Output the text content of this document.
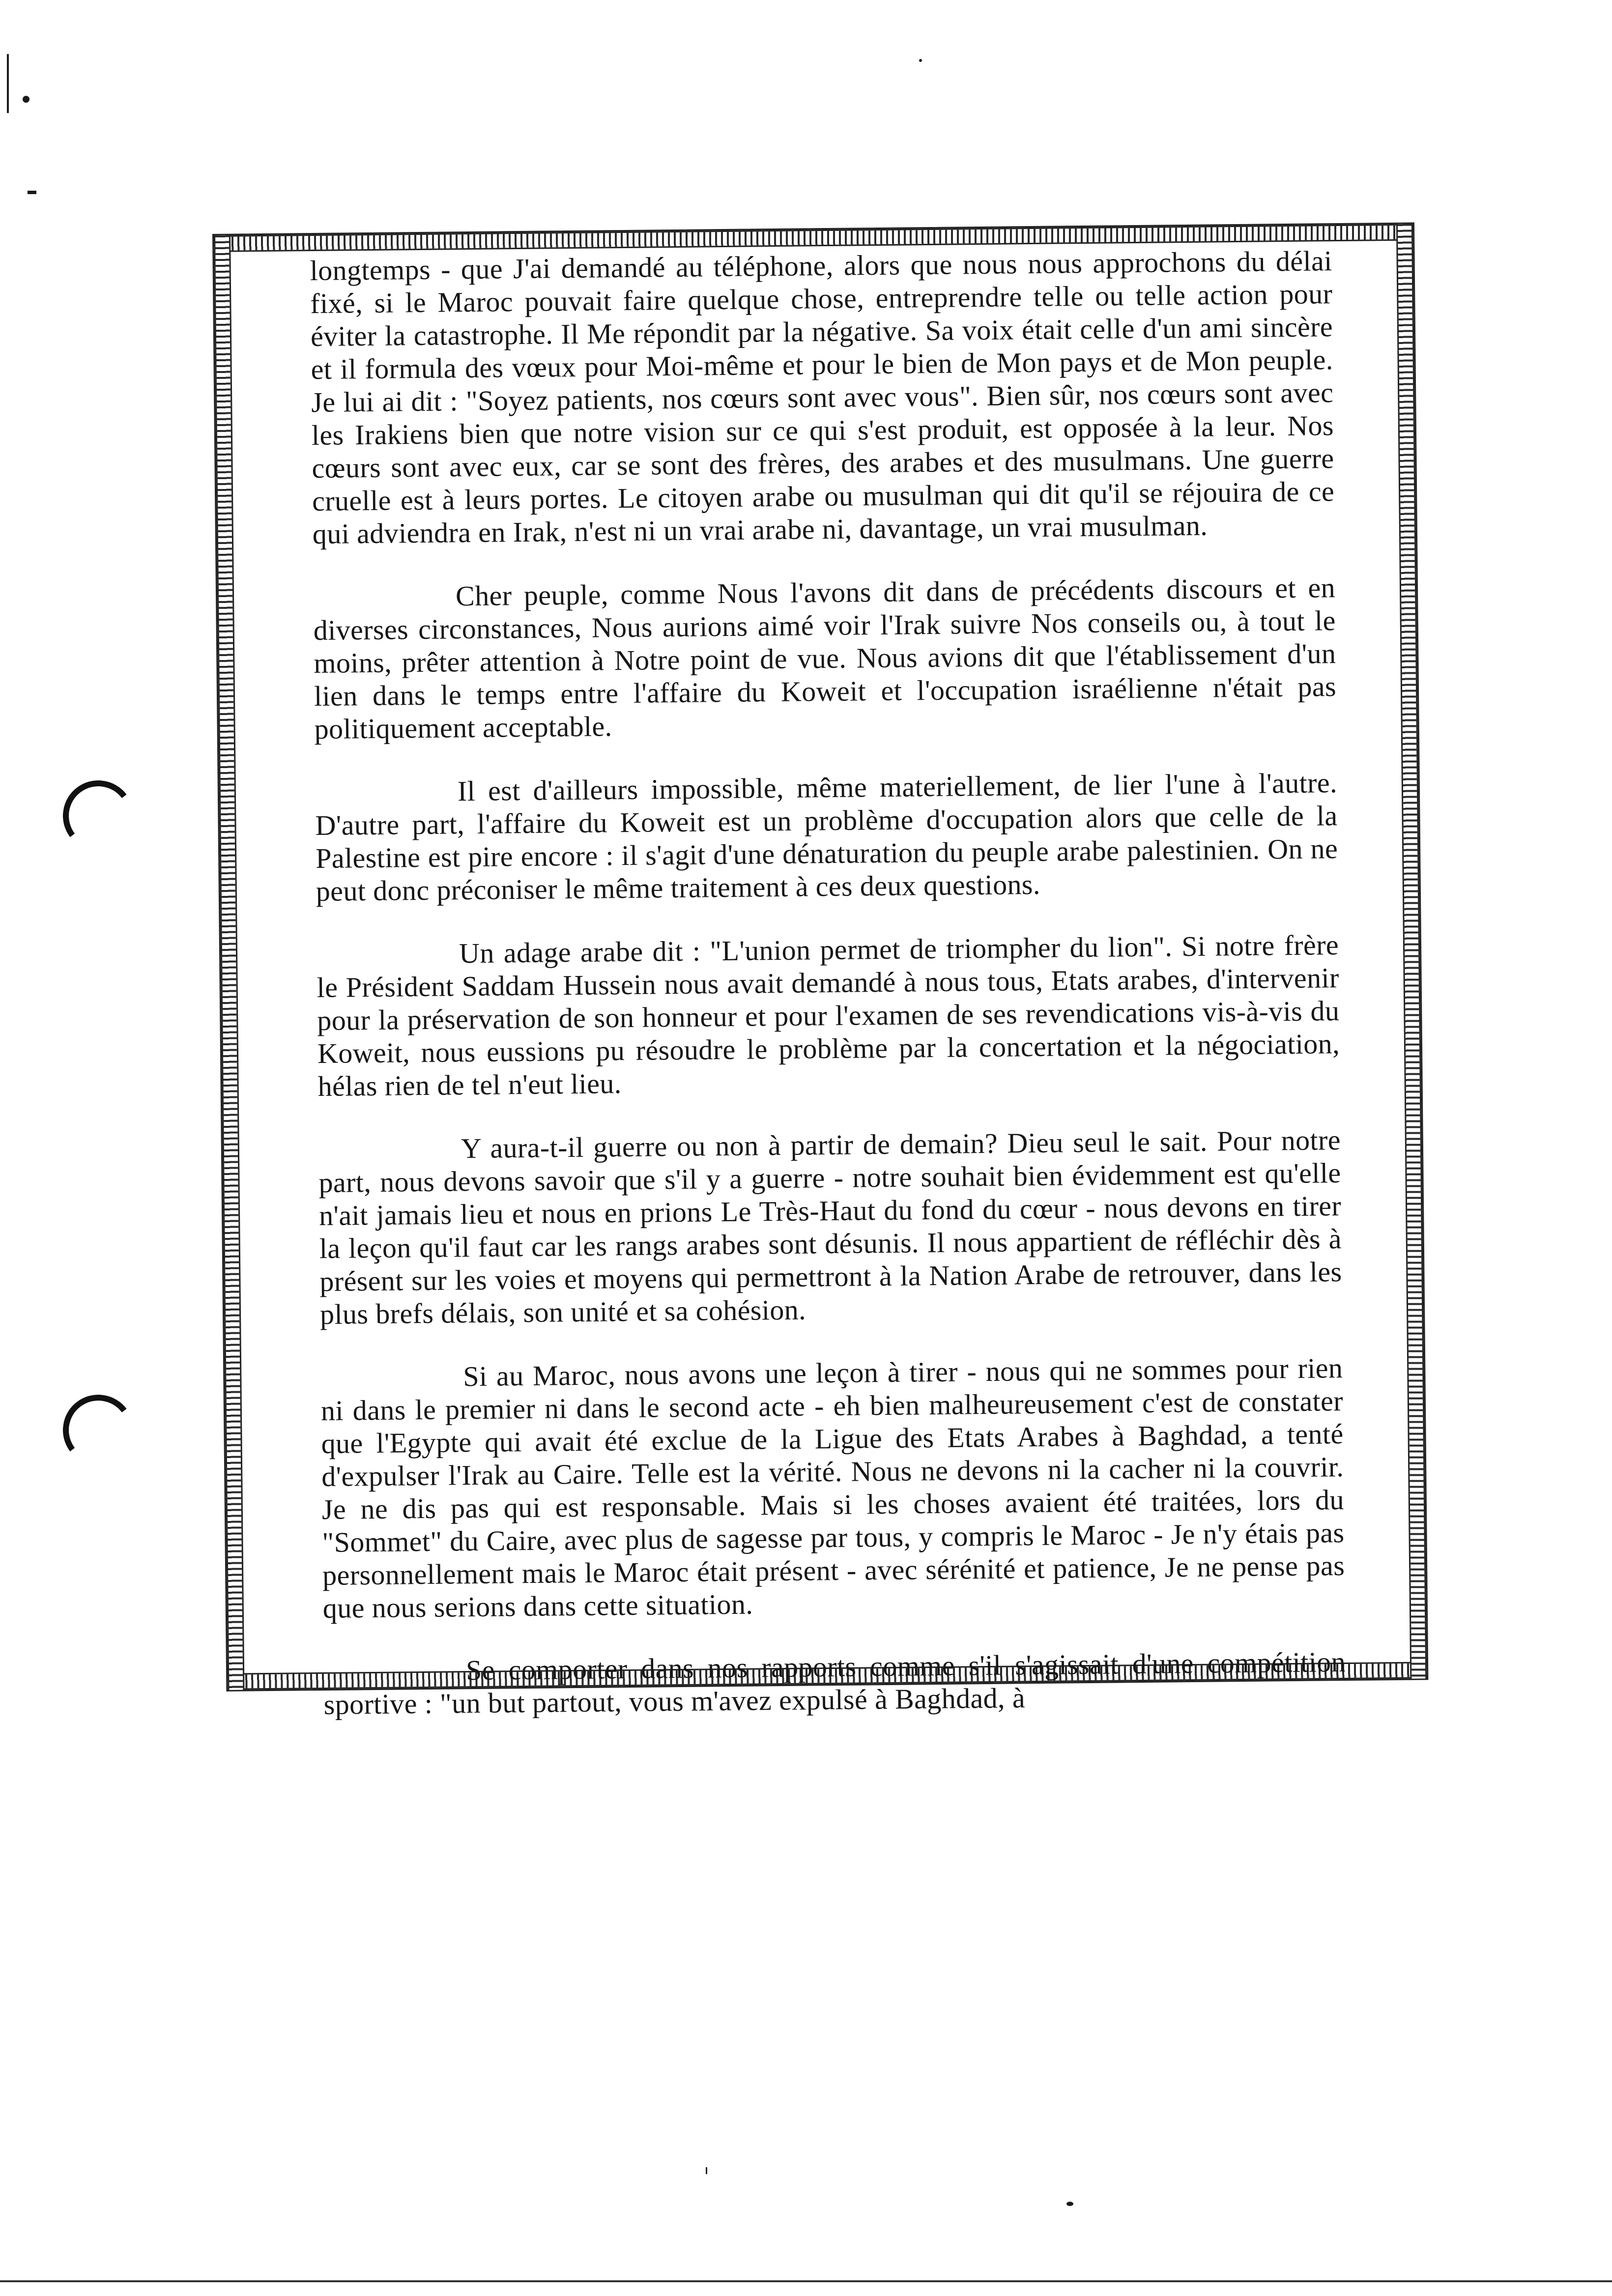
longtemps - que J'ai demandé au téléphone, alors que nous nous approchons du délai fixé, si le Maroc pouvait faire quelque chose, entreprendre telle ou telle action pour éviter la catastrophe. Il Me répondit par la négative. Sa voix était celle d'un ami sincère et il formula des vœux pour Moi-même et pour le bien de Mon pays et de Mon peuple. Je lui ai dit : "Soyez patients, nos cœurs sont avec vous". Bien sûr, nos cœurs sont avec les Irakiens bien que notre vision sur ce qui s'est produit, est opposée à la leur. Nos cœurs sont avec eux, car se sont des frères, des arabes et des musulmans. Une guerre cruelle est à leurs portes. Le citoyen arabe ou musulman qui dit qu'il se réjouira de ce qui adviendra en Irak, n'est ni un vrai arabe ni, davantage, un vrai musulman.

Cher peuple, comme Nous l'avons dit dans de précédents discours et en diverses circonstances, Nous aurions aimé voir l'Irak suivre Nos conseils ou, à tout le moins, prêter attention à Notre point de vue. Nous avions dit que l'établissement d'un lien dans le temps entre l'affaire du Koweit et l'occupation israélienne n'était pas politiquement acceptable.

Il est d'ailleurs impossible, même materiellement, de lier l'une à l'autre. D'autre part, l'affaire du Koweit est un problème d'occupation alors que celle de la Palestine est pire encore : il s'agit d'une dénaturation du peuple arabe palestinien. On ne peut donc préconiser le même traitement à ces deux questions.

Un adage arabe dit : "L'union permet de triompher du lion". Si notre frère le Président Saddam Hussein nous avait demandé à nous tous, Etats arabes, d'intervenir pour la préservation de son honneur et pour l'examen de ses revendications vis-à-vis du Koweit, nous eussions pu résoudre le problème par la concertation et la négociation, hélas rien de tel n'eut lieu.

Y aura-t-il guerre ou non à partir de demain? Dieu seul le sait. Pour notre part, nous devons savoir que s'il y a guerre - notre souhait bien évidemment est qu'elle n'ait jamais lieu et nous en prions Le Très-Haut du fond du cœur - nous devons en tirer la leçon qu'il faut car les rangs arabes sont désunis. Il nous appartient de réfléchir dès à présent sur les voies et moyens qui permettront à la Nation Arabe de retrouver, dans les plus brefs délais, son unité et sa cohésion.

Si au Maroc, nous avons une leçon à tirer - nous qui ne sommes pour rien ni dans le premier ni dans le second acte - eh bien malheureusement c'est de constater que l'Egypte qui avait été exclue de la Ligue des Etats Arabes à Baghdad, a tenté d'expulser l'Irak au Caire. Telle est la vérité. Nous ne devons ni la cacher ni la couvrir. Je ne dis pas qui est responsable. Mais si les choses avaient été traitées, lors du "Sommet" du Caire, avec plus de sagesse par tous, y compris le Maroc - Je n'y étais pas personnellement mais le Maroc était présent - avec sérénité et patience, Je ne pense pas que nous serions dans cette situation.

Se comporter dans nos rapports comme s'il s'agissait d'une compétition sportive : "un but partout, vous m'avez expulsé à Baghdad, à
